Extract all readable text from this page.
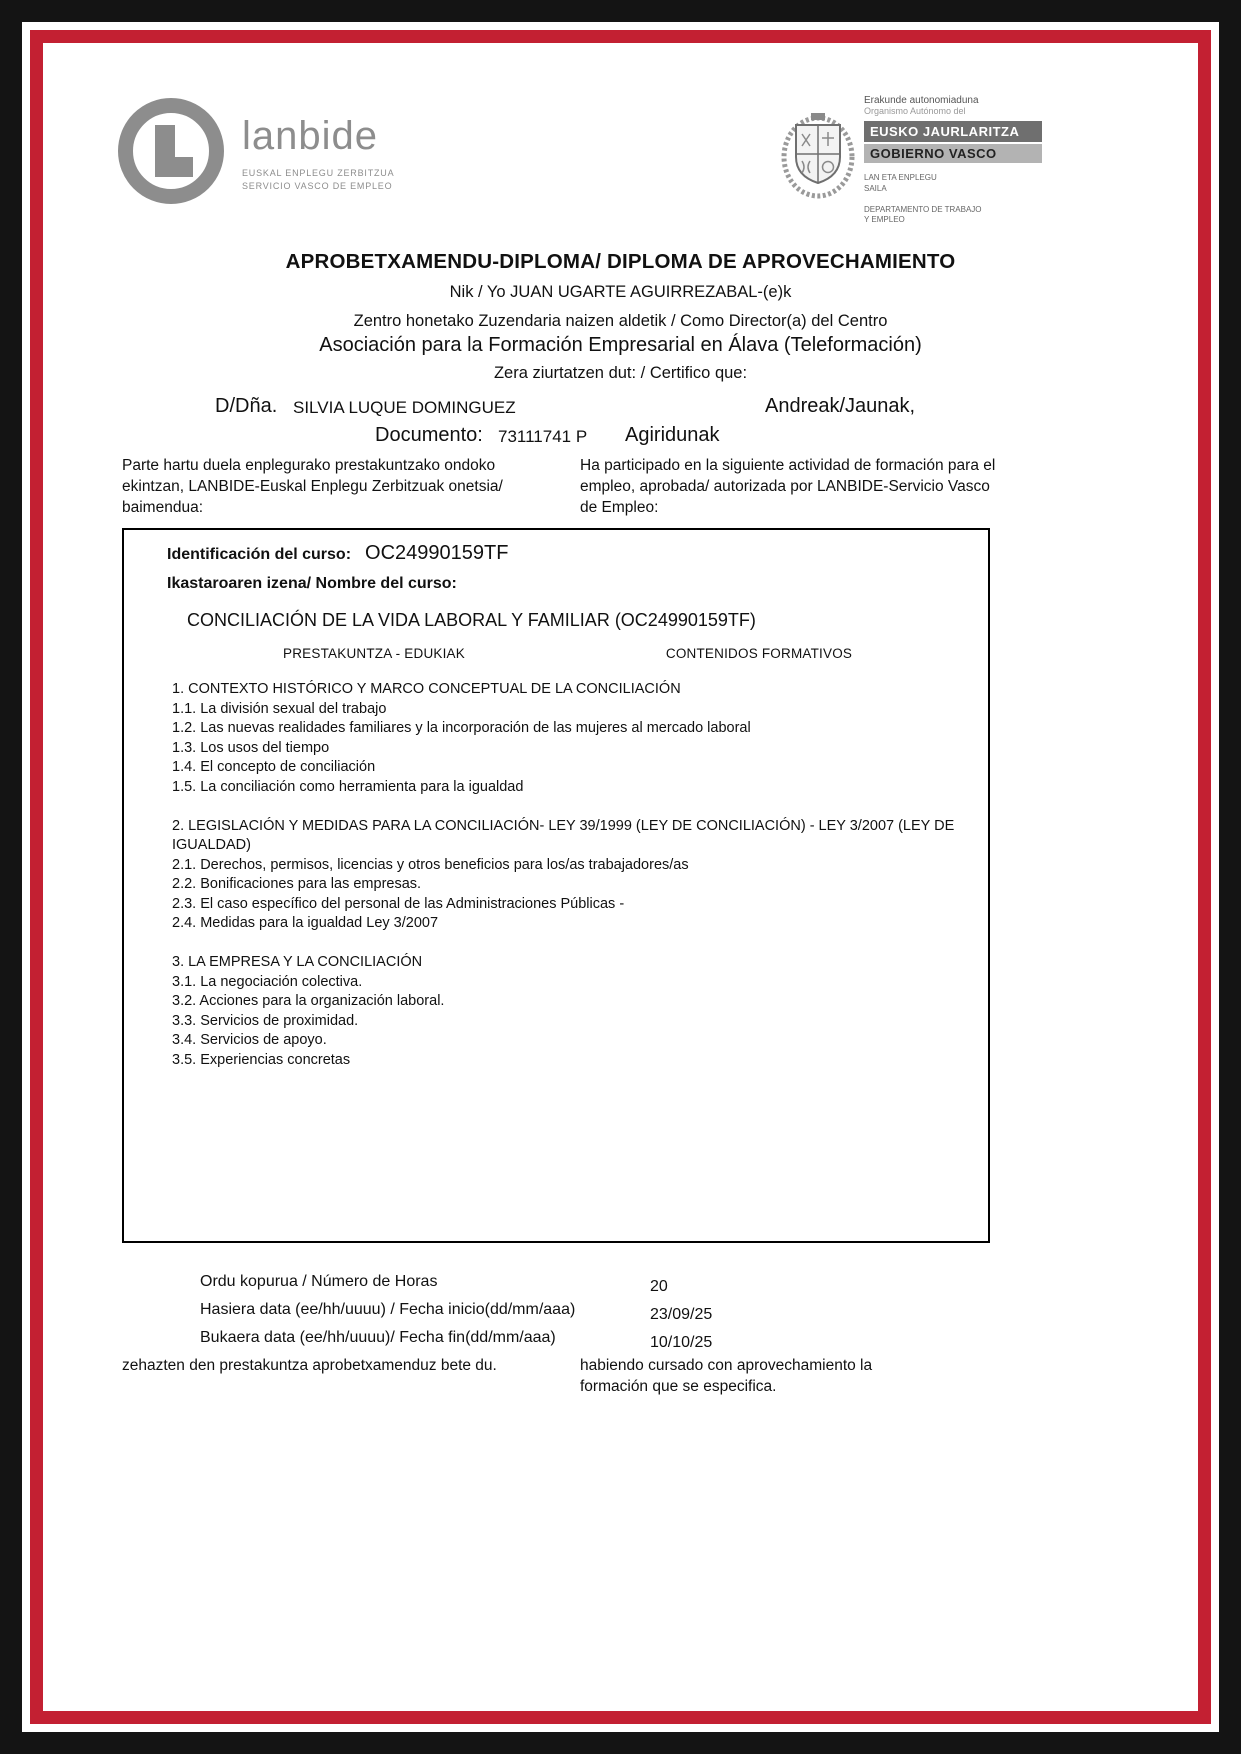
lanbide
EUSKAL ENPLEGU ZERBITZUA
SERVICIO VASCO DE EMPLEO
Erakunde autonomiaduna
Organismo Autónomo del
EUSKO JAURLARITZA
GOBIERNO VASCO
LAN ETA ENPLEGU
SAILA
DEPARTAMENTO DE TRABAJO
Y EMPLEO
APROBETXAMENDU-DIPLOMA/ DIPLOMA DE APROVECHAMIENTO
Nik / Yo JUAN UGARTE AGUIRREZABAL-(e)k
Zentro honetako Zuzendaria naizen aldetik / Como Director(a) del Centro
Asociación para la Formación Empresarial en Álava (Teleformación)
Zera ziurtatzen dut: / Certifico que:
D/Dña. SILVIA LUQUE DOMINGUEZ	Andreak/Jaunak,
Documento: 73111741 P Agiridunak
Parte hartu duela enplegurako prestakuntzako ondoko ekintzan, LANBIDE-Euskal Enplegu Zerbitzuak onetsia/ baimendua:
Ha participado en la siguiente actividad de formación para el empleo, aprobada/ autorizada por LANBIDE-Servicio Vasco de Empleo:
Identificación del curso: OC24990159TF
Ikastaroaren izena/ Nombre del curso:
CONCILIACIÓN DE LA VIDA LABORAL Y FAMILIAR (OC24990159TF)
PRESTAKUNTZA - EDUKIAK	CONTENIDOS FORMATIVOS
1. CONTEXTO HISTÓRICO Y MARCO CONCEPTUAL DE LA CONCILIACIÓN
1.1. La división sexual del trabajo
1.2. Las nuevas realidades familiares y la incorporación de las mujeres al mercado laboral
1.3. Los usos del tiempo
1.4. El concepto de conciliación
1.5. La conciliación como herramienta para la igualdad

2. LEGISLACIÓN Y MEDIDAS PARA LA CONCILIACIÓN- LEY 39/1999 (LEY DE CONCILIACIÓN) - LEY 3/2007 (LEY DE IGUALDAD)
2.1. Derechos, permisos, licencias y otros beneficios para los/as trabajadores/as
2.2. Bonificaciones para las empresas.
2.3. El caso específico del personal de las Administraciones Públicas -
2.4. Medidas para la igualdad Ley 3/2007

3. LA EMPRESA Y LA CONCILIACIÓN
3.1. La negociación colectiva.
3.2. Acciones para la organización laboral.
3.3. Servicios de proximidad.
3.4. Servicios de apoyo.
3.5. Experiencias concretas
Ordu kopurua / Número de Horas	20
Hasiera data (ee/hh/uuuu) / Fecha inicio(dd/mm/aaa)	23/09/25
Bukaera data (ee/hh/uuuu)/ Fecha fin(dd/mm/aaa)	10/10/25
zehazten den prestakuntza aprobetxamenduz bete du.	habiendo cursado con aprovechamiento la formación que se especifica.
